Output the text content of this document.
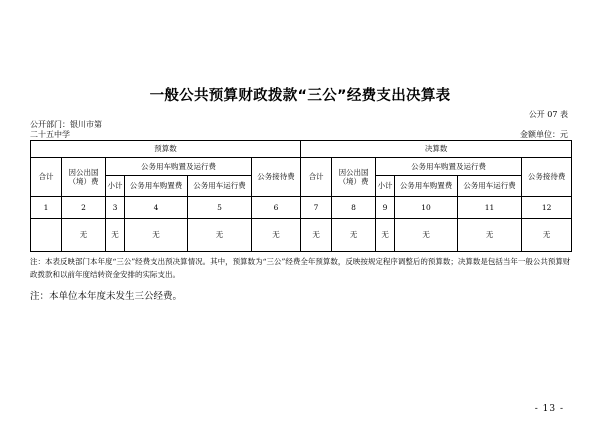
一般公共预算财政拨款“三公”经费支出决算表
公开 07 表
公开部门：银川市第
二十五中学	金额单位：元
预算数						决算数					
合计	因公出国（境）费	公务用车购置及运行费			公务接待费	合计	因公出国（境）费	公务用车购置及运行费			公务接待费
		小计	公务用车购置费	公务用车运行费				小计	公务用车购置费	公务用车运行费	
1	2	3	4	5	6	7	8	9	10	11	12
	无	无	无	无	无	无	无	无	无	无	无
注：本表反映部门本年度“三公”经费支出预决算情况。其中，预算数为“三公”经费全年预算数，反映按规定程序调整后的预算数；决算数是包括当年一般公共预算财政拨款和以前年度结转资金安排的实际支出。
注：本单位本年度未发生三公经费。
- 13 -
